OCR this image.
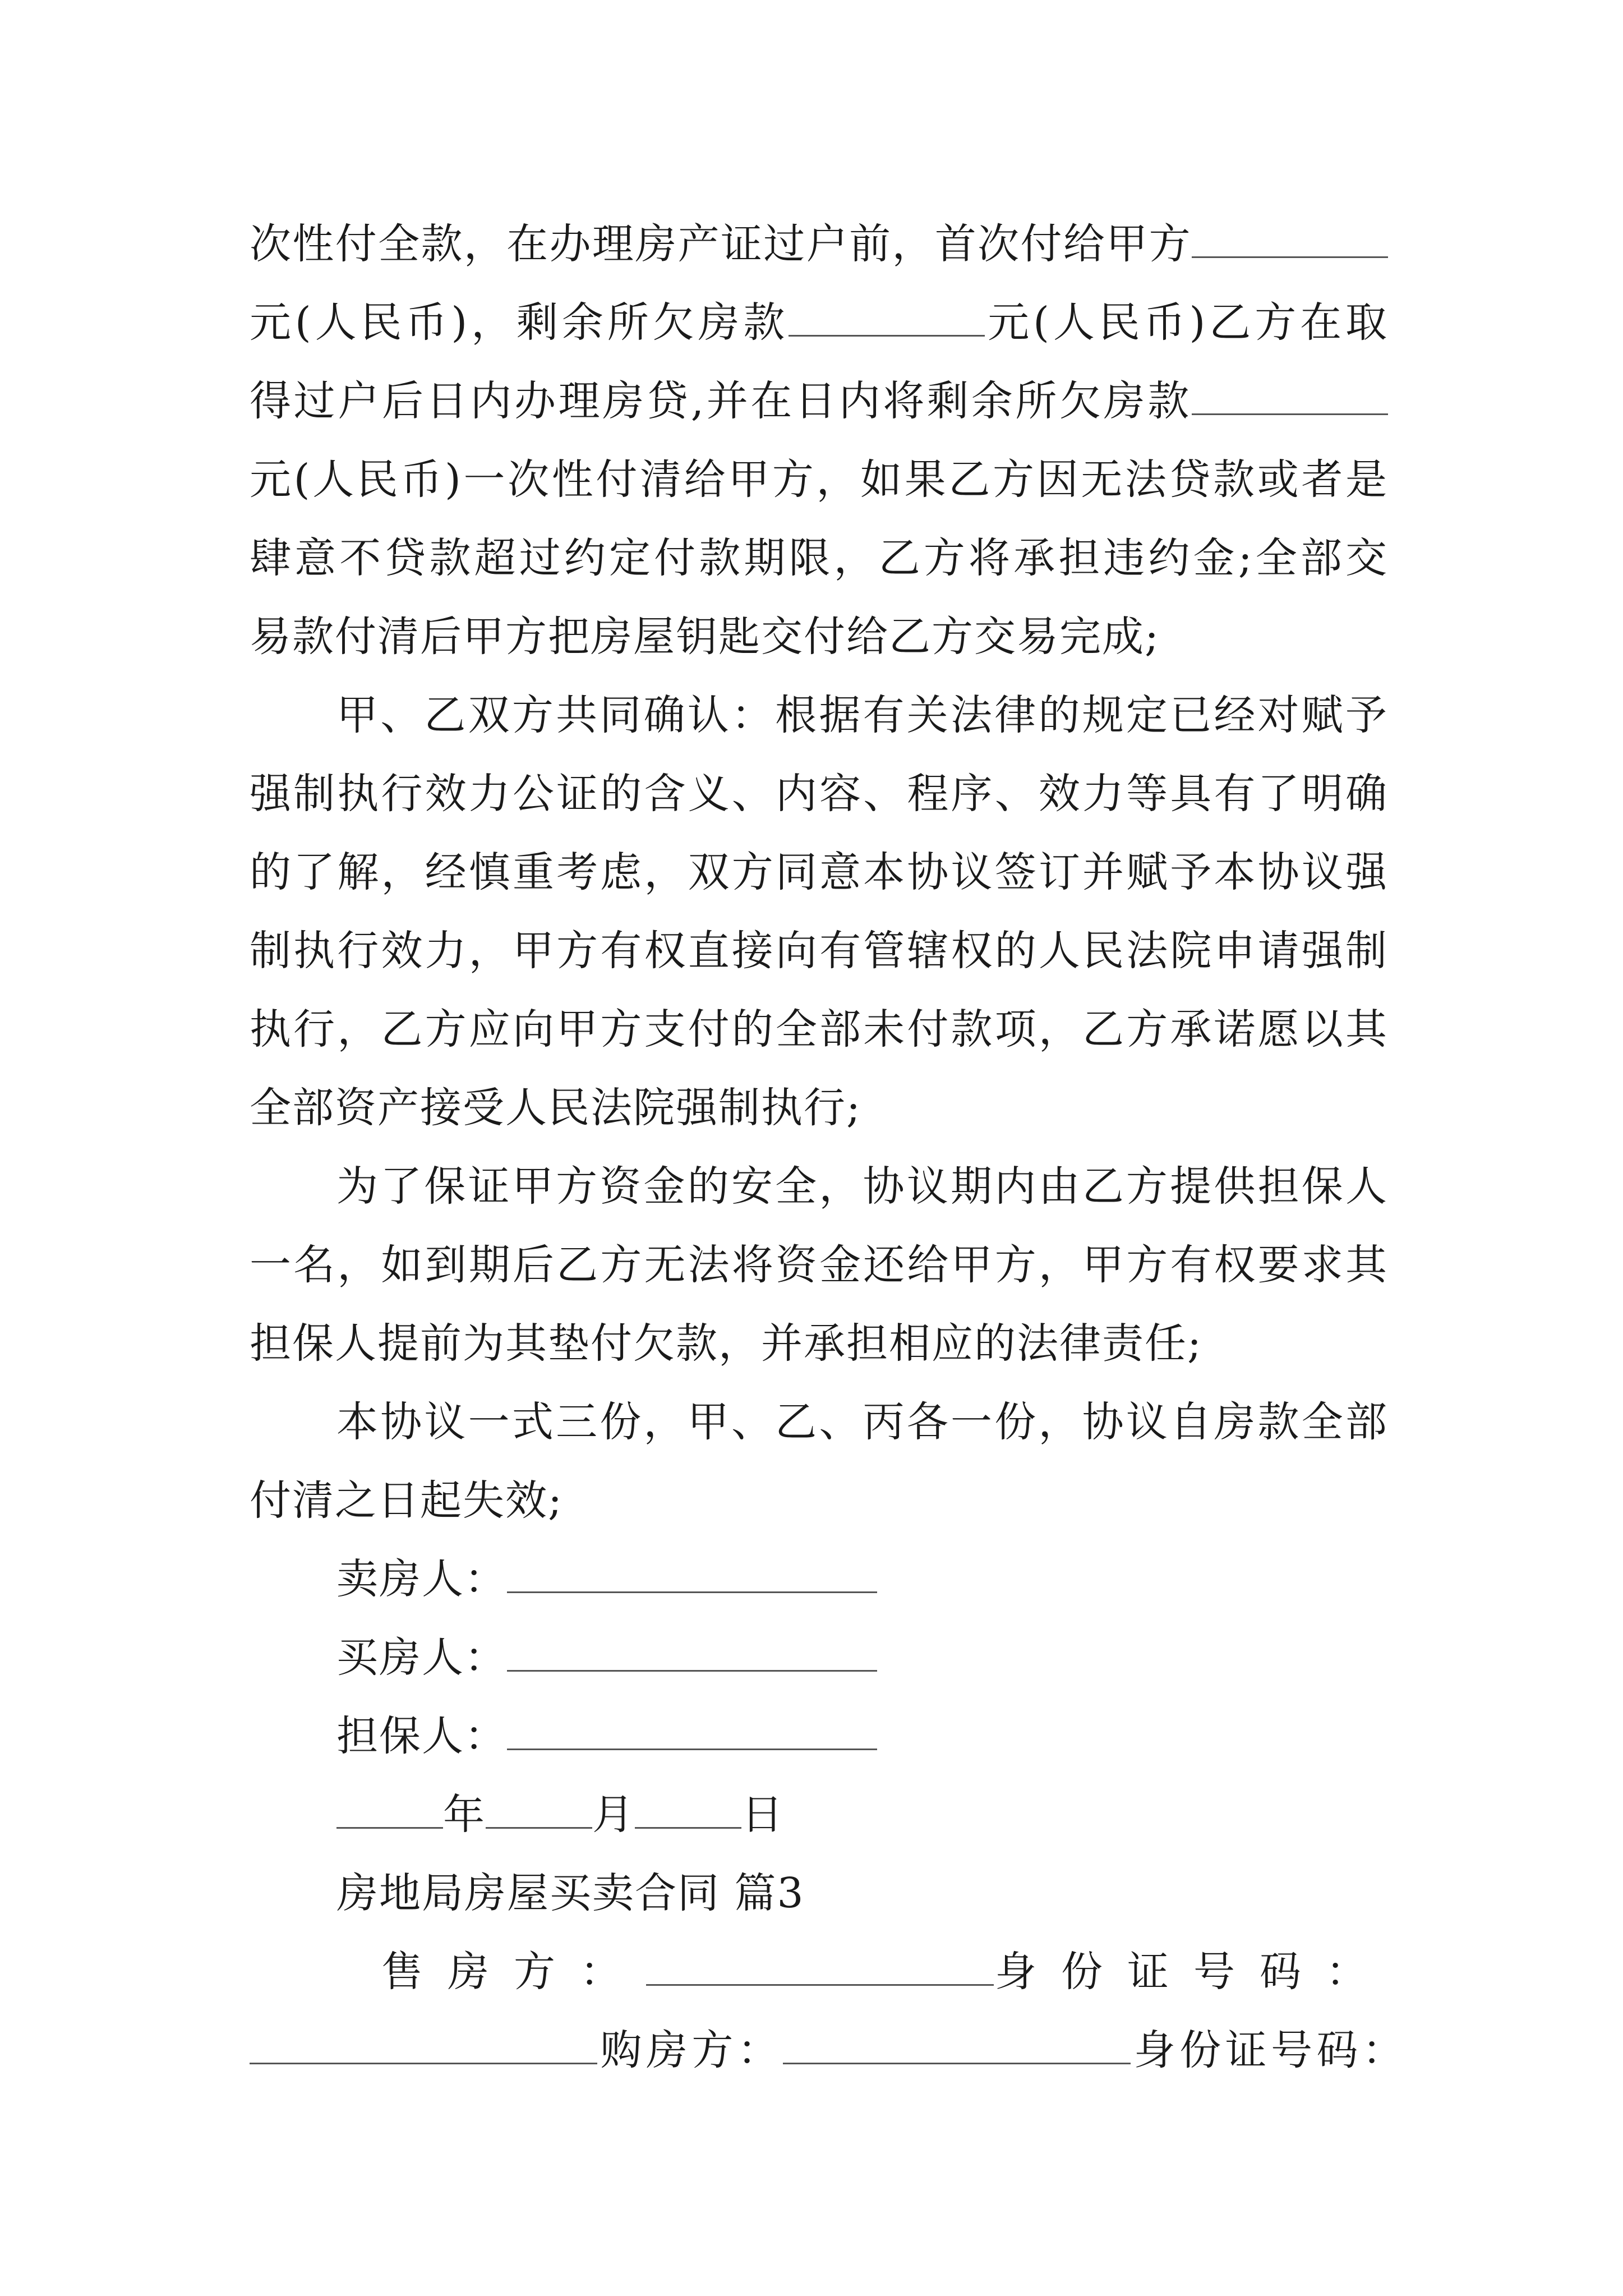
次性付全款，在办理房产证过户前，首次付给甲方
元(人民币)，剩余所欠房款	元(人民币)乙方在取
得过户后日内办理房贷,并在日内将剩余所欠房款
元(人民币)一次性付清给甲方，如果乙方因无法贷款或者是
肆意不贷款超过约定付款期限，乙方将承担违约金;全部交
易款付清后甲方把房屋钥匙交付给乙方交易完成;
甲、乙双方共同确认：根据有关法律的规定已经对赋予
强制执行效力公证的含义、内容、程序、效力等具有了明确
的了解，经慎重考虑，双方同意本协议签订并赋予本协议强
制执行效力，甲方有权直接向有管辖权的人民法院申请强制
执行，乙方应向甲方支付的全部未付款项，乙方承诺愿以其
全部资产接受人民法院强制执行;
为了保证甲方资金的安全，协议期内由乙方提供担保人
一名，如到期后乙方无法将资金还给甲方，甲方有权要求其
担保人提前为其垫付欠款，并承担相应的法律责任;
本协议一式三份，甲、乙、丙各一份，协议自房款全部
付清之日起失效;
卖房人：
买房人：
担保人：
年	月	日
房地局房屋买卖合同 篇3
售房方：	身份证号码：
购房方：	身份证号码：
